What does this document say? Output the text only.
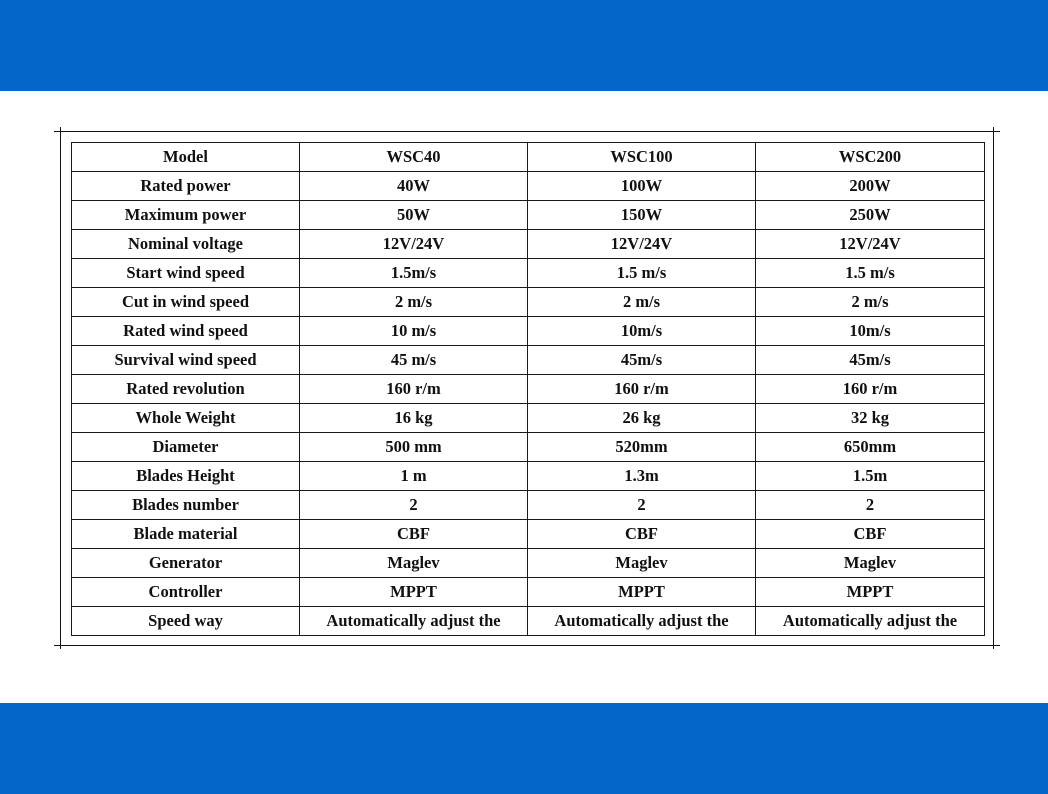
Model	WSC40	WSC100	WSC200
Rated power	40W	100W	200W
Maximum power	50W	150W	250W
Nominal voltage	12V/24V	12V/24V	12V/24V
Start wind speed	1.5m/s	1.5 m/s	1.5 m/s
Cut in wind speed	2 m/s	2 m/s	2 m/s
Rated wind speed	10 m/s	10m/s	10m/s
Survival wind speed	45 m/s	45m/s	45m/s
Rated revolution	160 r/m	160 r/m	160 r/m
Whole Weight	16 kg	26 kg	32 kg
Diameter	500 mm	520mm	650mm
Blades Height	1 m	1.3m	1.5m
Blades number	2	2	2
Blade material	CBF	CBF	CBF
Generator	Maglev	Maglev	Maglev
Controller	MPPT	MPPT	MPPT
Speed way	Automatically adjust the	Automatically adjust the	Automatically adjust the
